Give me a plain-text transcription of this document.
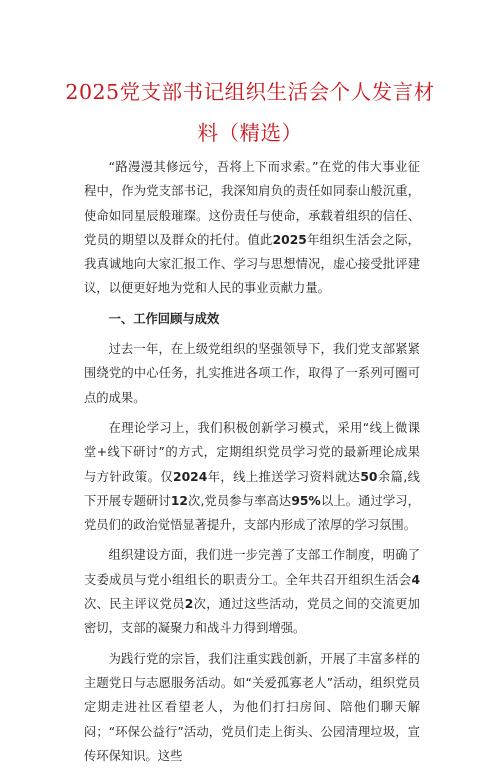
2025党支部书记组织生活会个人发言材料（精选）

“路漫漫其修远兮，吾将上下而求索。”在党的伟大事业征程中，作为党支部书记，我深知肩负的责任如同泰山般沉重，使命如同星辰般璀璨。这份责任与使命，承载着组织的信任、党员的期望以及群众的托付。值此2025年组织生活会之际，我真诚地向大家汇报工作、学习与思想情况，虚心接受批评建议，以便更好地为党和人民的事业贡献力量。

一、工作回顾与成效

过去一年，在上级党组织的坚强领导下，我们党支部紧紧围绕党的中心任务，扎实推进各项工作，取得了一系列可圈可点的成果。

在理论学习上，我们积极创新学习模式，采用“线上微课堂+线下研讨”的方式，定期组织党员学习党的最新理论成果与方针政策。仅2024年，线上推送学习资料就达50余篇,线下开展专题研讨12次,党员参与率高达95%以上。通过学习，党员们的政治觉悟显著提升，支部内形成了浓厚的学习氛围。

组织建设方面，我们进一步完善了支部工作制度，明确了支委成员与党小组组长的职责分工。全年共召开组织生活会4次、民主评议党员2次，通过这些活动，党员之间的交流更加密切，支部的凝聚力和战斗力得到增强。

为践行党的宗旨，我们注重实践创新，开展了丰富多样的主题党日与志愿服务活动。如“关爱孤寡老人”活动，组织党员定期走进社区看望老人，为他们打扫房间、陪他们聊天解闷；“环保公益行”活动，党员们走上街头、公园清理垃圾，宣传环保知识。这些
